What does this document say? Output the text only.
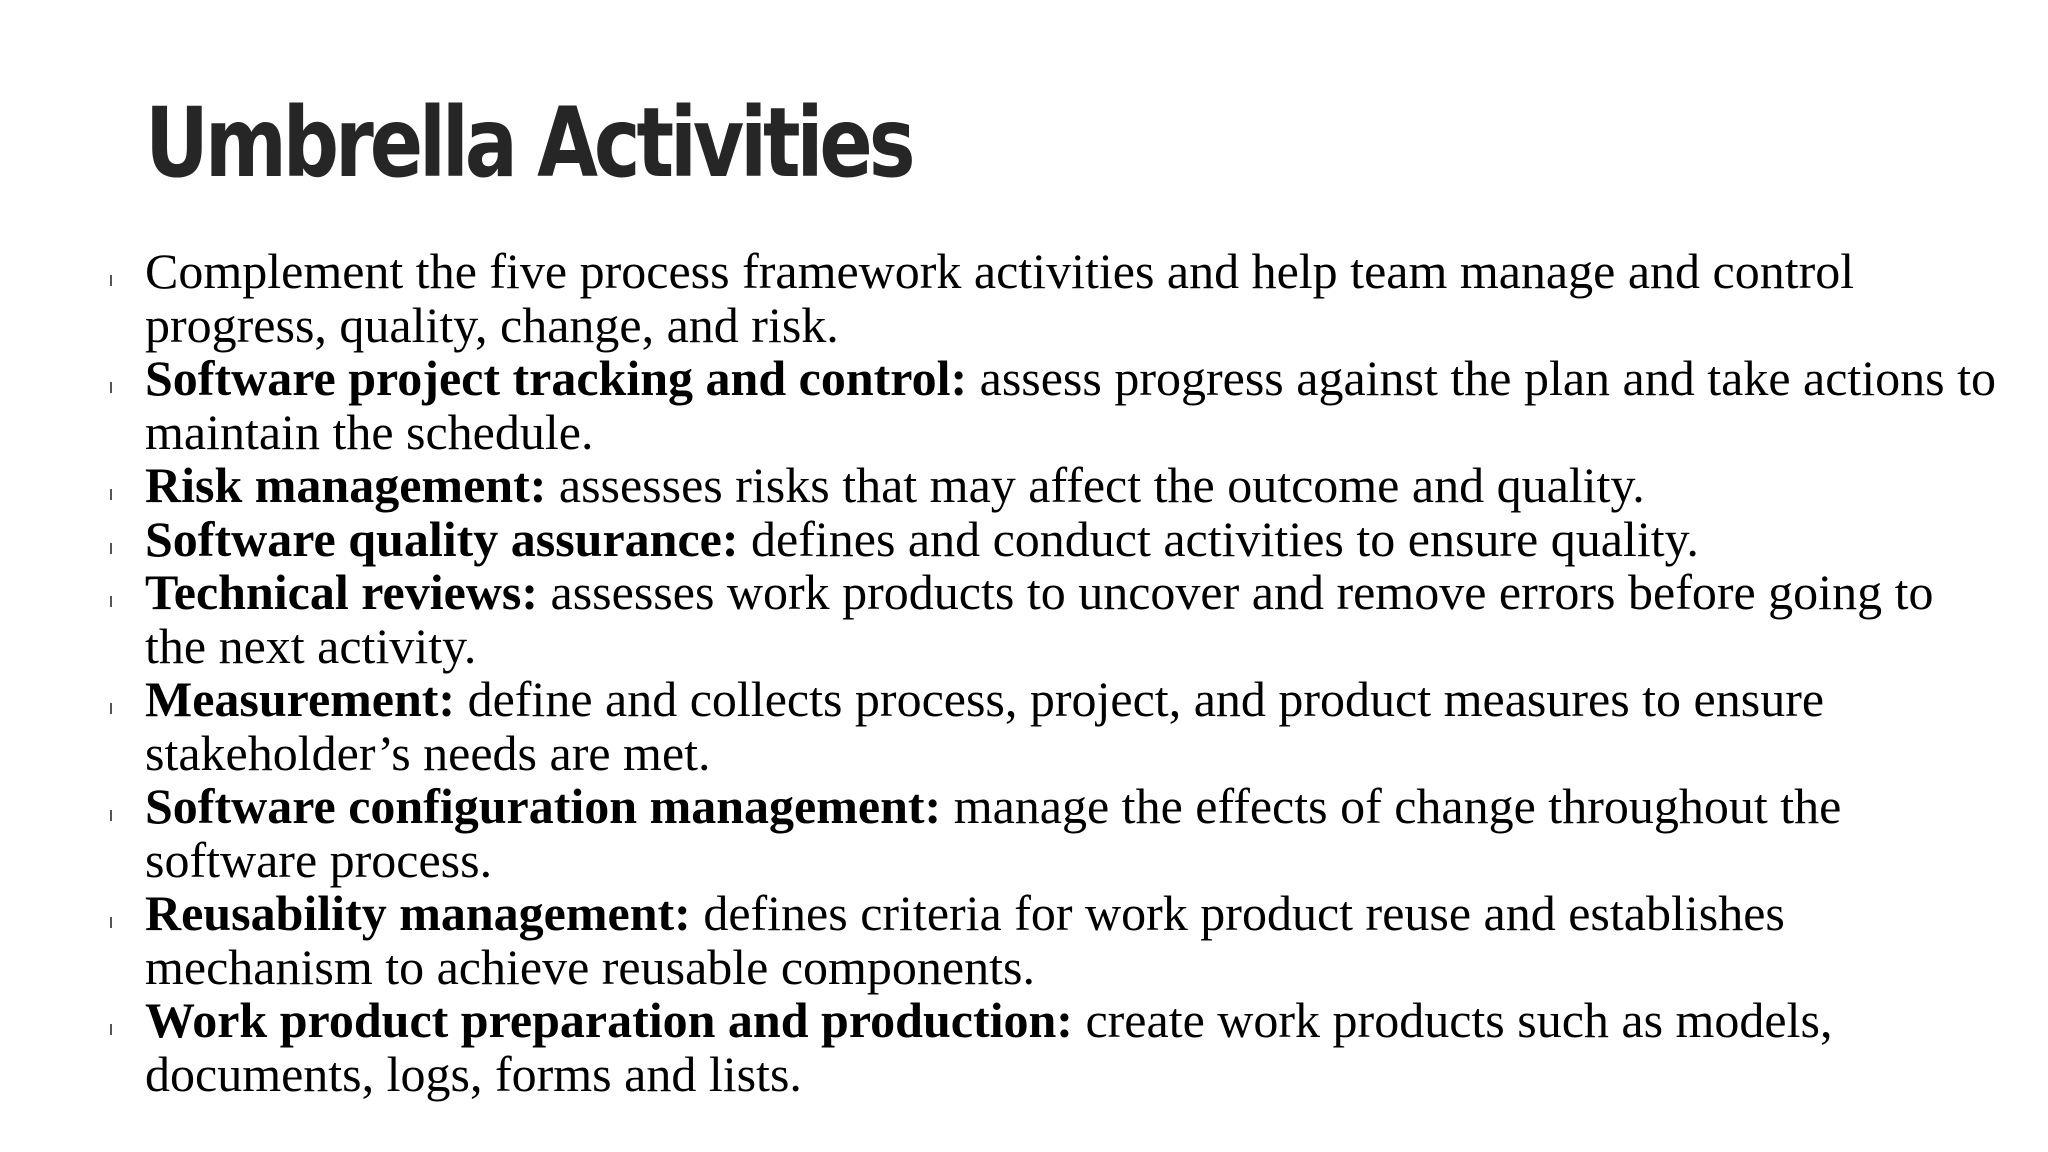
Umbrella Activities
Complement the five process framework activities and help team manage and control progress, quality, change, and risk.
Software project tracking and control: assess progress against the plan and take actions to maintain the schedule.
Risk management: assesses risks that may affect the outcome and quality.
Software quality assurance: defines and conduct activities to ensure quality.
Technical reviews: assesses work products to uncover and remove errors before going to the next activity.
Measurement: define and collects process, project, and product measures to ensure stakeholder’s needs are met.
Software configuration management: manage the effects of change throughout the software process.
Reusability management: defines criteria for work product reuse and establishes mechanism to achieve reusable components.
Work product preparation and production: create work products such as models, documents, logs, forms and lists.
